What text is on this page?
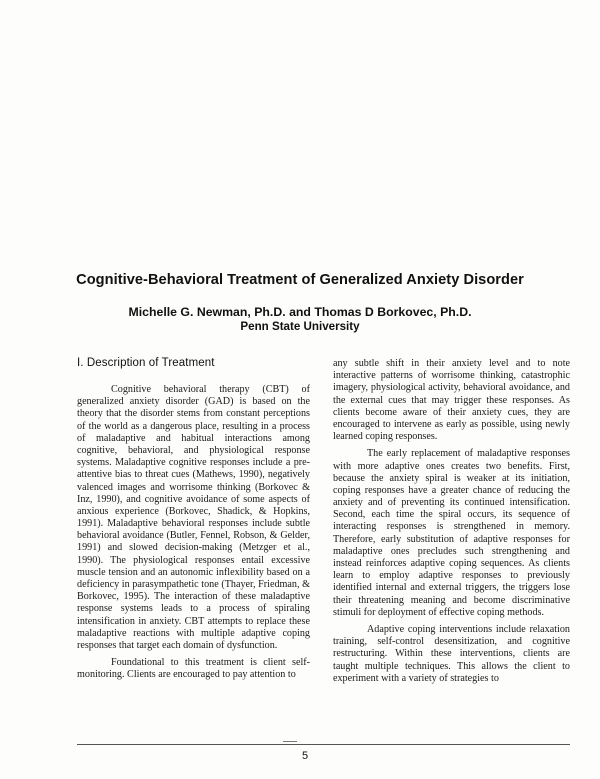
Cognitive-Behavioral Treatment of Generalized Anxiety Disorder
Michelle G. Newman, Ph.D. and Thomas D Borkovec, Ph.D.
Penn State University
I. Description of Treatment

Cognitive behavioral therapy (CBT) of generalized anxiety disorder (GAD) is based on the theory that the disorder stems from constant perceptions of the world as a dangerous place, resulting in a process of maladaptive and habitual interactions among cognitive, behavioral, and physiological response systems. Maladaptive cognitive responses include a pre-attentive bias to threat cues (Mathews, 1990), negatively valenced images and worrisome thinking (Borkovec & Inz, 1990), and cognitive avoidance of some aspects of anxious experience (Borkovec, Shadick, & Hopkins, 1991). Maladaptive behavioral responses include subtle behavioral avoidance (Butler, Fennel, Robson, & Gelder, 1991) and slowed decision-making (Metzger et al., 1990). The physiological responses entail excessive muscle tension and an autonomic inflexibility based on a deficiency in parasympathetic tone (Thayer, Friedman, & Borkovec, 1995). The interaction of these maladaptive response systems leads to a process of spiraling intensification in anxiety. CBT attempts to replace these maladaptive reactions with multiple adaptive coping responses that target each domain of dysfunction.

Foundational to this treatment is client self-monitoring. Clients are encouraged to pay attention to

any subtle shift in their anxiety level and to note interactive patterns of worrisome thinking, catastrophic imagery, physiological activity, behavioral avoidance, and the external cues that may trigger these responses. As clients become aware of their anxiety cues, they are encouraged to intervene as early as possible, using newly learned coping responses.

The early replacement of maladaptive responses with more adaptive ones creates two benefits. First, because the anxiety spiral is weaker at its initiation, coping responses have a greater chance of reducing the anxiety and of preventing its continued intensification. Second, each time the spiral occurs, its sequence of interacting responses is strengthened in memory. Therefore, early substitution of adaptive responses for maladaptive ones precludes such strengthening and instead reinforces adaptive coping sequences. As clients learn to employ adaptive responses to previously identified internal and external triggers, the triggers lose their threatening meaning and become discriminative stimuli for deployment of effective coping methods.

Adaptive coping interventions include relaxation training, self-control desensitization, and cognitive restructuring. Within these interventions, clients are taught multiple techniques. This allows the client to experiment with a variety of strategies to

5
